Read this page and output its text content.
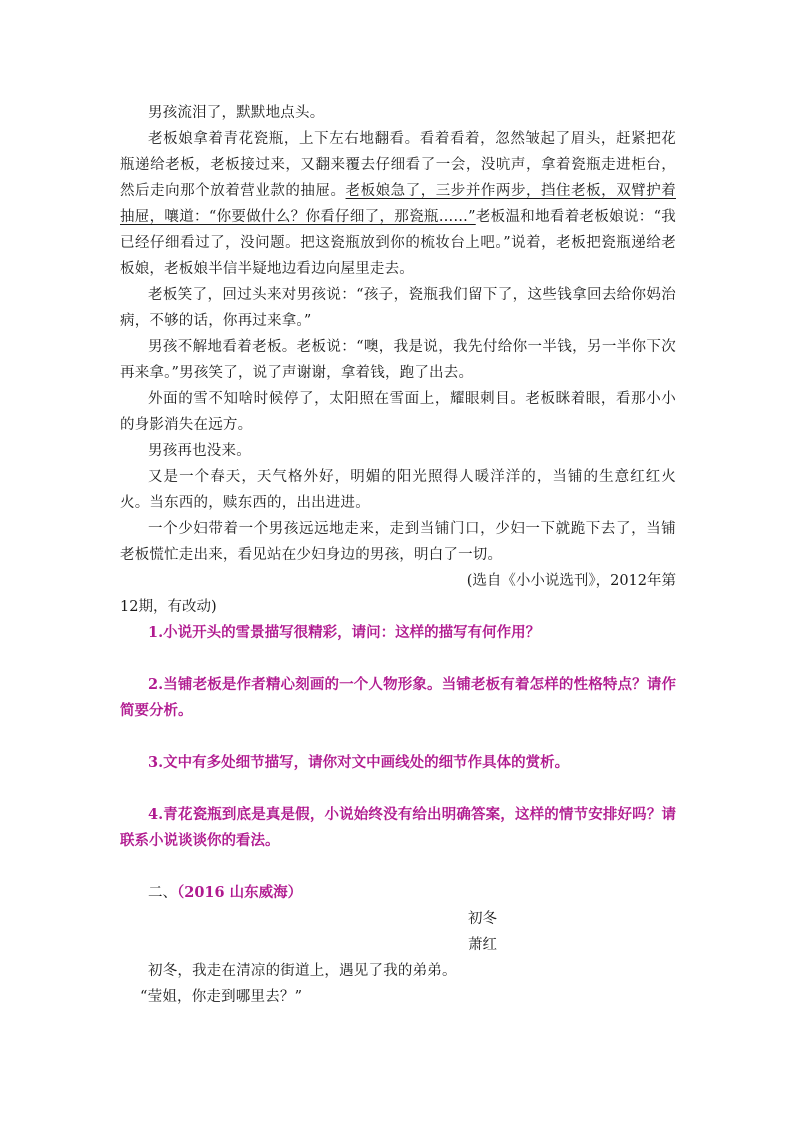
男孩流泪了，默默地点头。

老板娘拿着青花瓷瓶，上下左右地翻看。看着看着，忽然皱起了眉头，赶紧把花瓶递给老板，老板接过来，又翻来覆去仔细看了一会，没吭声，拿着瓷瓶走进柜台，然后走向那个放着营业款的抽屉。老板娘急了，三步并作两步，挡住老板，双臂护着抽屉，嚷道：“你要做什么？你看仔细了，那瓷瓶……”老板温和地看着老板娘说：“我已经仔细看过了，没问题。把这瓷瓶放到你的梳妆台上吧。”说着，老板把瓷瓶递给老板娘，老板娘半信半疑地边看边向屋里走去。

老板笑了，回过头来对男孩说：“孩子，瓷瓶我们留下了，这些钱拿回去给你妈治病，不够的话，你再过来拿。”

男孩不解地看着老板。老板说：“噢，我是说，我先付给你一半钱，另一半你下次再来拿。”男孩笑了，说了声谢谢，拿着钱，跑了出去。

外面的雪不知啥时候停了，太阳照在雪面上，耀眼刺目。老板眯着眼，看那小小的身影消失在远方。

男孩再也没来。

又是一个春天，天气格外好，明媚的阳光照得人暖洋洋的，当铺的生意红红火火。当东西的，赎东西的，出出进进。

一个少妇带着一个男孩远远地走来，走到当铺门口，少妇一下就跪下去了，当铺老板慌忙走出来，看见站在少妇身边的男孩，明白了一切。

(选自《小小说选刊》，2012年第
12期，有改动)

1.小说开头的雪景描写很精彩，请问：这样的描写有何作用？

2.当铺老板是作者精心刻画的一个人物形象。当铺老板有着怎样的性格特点？请作简要分析。

3.文中有多处细节描写，请你对文中画线处的细节作具体的赏析。

4.青花瓷瓶到底是真是假，小说始终没有给出明确答案，这样的情节安排好吗？请联系小说谈谈你的看法。

二、（2016 山东威海）

初冬

萧红

初冬，我走在清凉的街道上，遇见了我的弟弟。

“莹姐，你走到哪里去？”
